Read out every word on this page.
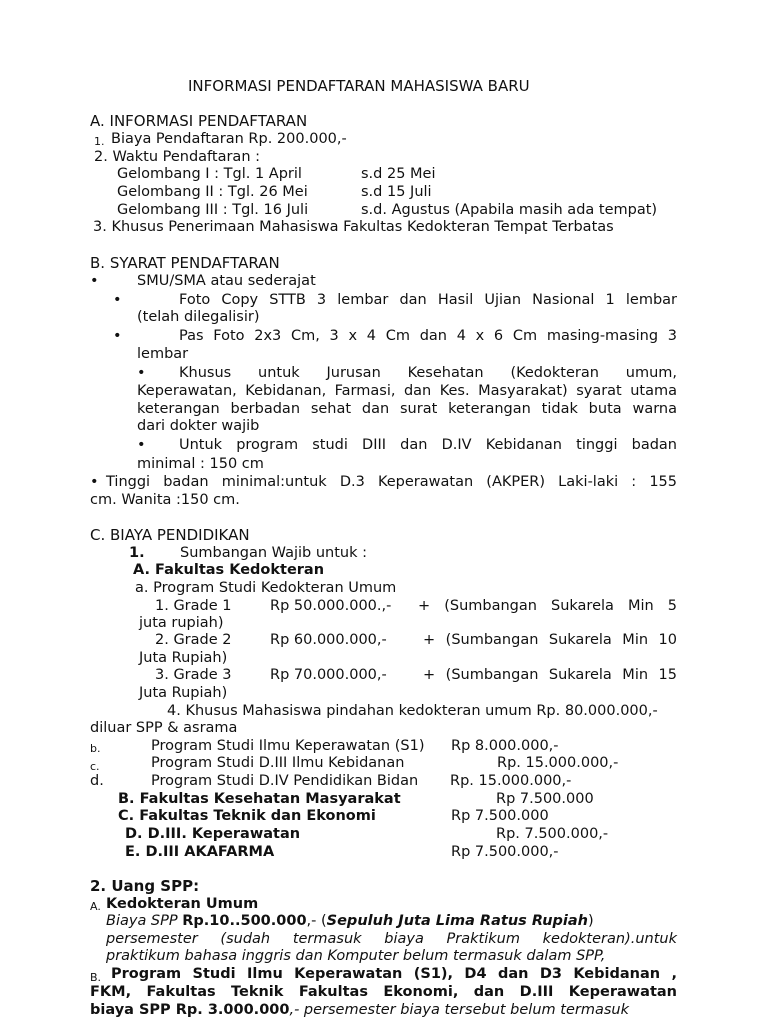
INFORMASI PENDAFTARAN MAHASISWA BARU
A. INFORMASI PENDAFTARAN
1. Biaya Pendaftaran Rp. 200.000,-
2. Waktu Pendaftaran :
Gelombang I : Tgl. 1 April	s.d 25 Mei
Gelombang II : Tgl. 26 Mei	s.d 15 Juli
Gelombang III : Tgl. 16 Juli	s.d. Agustus (Apabila masih ada tempat)
3. Khusus Penerimaan Mahasiswa Fakultas Kedokteran Tempat Terbatas
B. SYARAT PENDAFTARAN
•	SMU/SMA atau sederajat
•	Foto Copy STTB 3 lembar dan Hasil Ujian Nasional 1 lembar
(telah dilegalisir)
•	Pas Foto 2x3 Cm, 3 x 4 Cm dan 4 x 6 Cm masing-masing 3
lembar
•	Khusus untuk Jurusan Kesehatan (Kedokteran umum,
Keperawatan, Kebidanan, Farmasi, dan Kes. Masyarakat) syarat utama
keterangan berbadan sehat dan surat keterangan tidak buta warna
dari dokter wajib
•	Untuk program studi DIII dan D.IV Kebidanan tinggi badan
minimal : 150 cm
• Tinggi badan minimal:untuk D.3 Keperawatan (AKPER) Laki-laki : 155
cm. Wanita :150 cm.
C. BIAYA PENDIDIKAN
1. Sumbangan Wajib untuk :
A. Fakultas Kedokteran
a. Program Studi Kedokteran Umum
1. Grade 1	Rp 50.000.000.,- + (Sumbangan Sukarela Min 5
juta rupiah)
2. Grade 2	Rp 60.000.000,- + (Sumbangan Sukarela Min 10
Juta Rupiah)
3. Grade 3	Rp 70.000.000,- + (Sumbangan Sukarela Min 15
Juta Rupiah)
4. Khusus Mahasiswa pindahan kedokteran umum Rp. 80.000.000,-
diluar SPP & asrama
b.	Program Studi Ilmu Keperawatan (S1) Rp 8.000.000,-
c.	Program Studi D.III Ilmu Kebidanan	Rp. 15.000.000,-
d.	Program Studi D.IV Pendidikan Bidan Rp. 15.000.000,-
B. Fakultas Kesehatan Masyarakat	Rp 7.500.000
C. Fakultas Teknik dan Ekonomi	Rp 7.500.000
D. D.III. Keperawatan	Rp. 7.500.000,-
E. D.III AKAFARMA	Rp 7.500.000,-
2. Uang SPP:
A. Kedokteran Umum
Biaya SPP Rp.10..500.000,- (Sepuluh Juta Lima Ratus Rupiah)
persemester (sudah termasuk biaya Praktikum kedokteran).untuk
praktikum bahasa inggris dan Komputer belum termasuk dalam SPP,
B. Program Studi Ilmu Keperawatan (S1), D4 dan D3 Kebidanan ,
FKM, Fakultas Teknik Fakultas Ekonomi, dan D.III Keperawatan
biaya SPP Rp. 3.000.000,- persemester biaya tersebut belum termasuk
